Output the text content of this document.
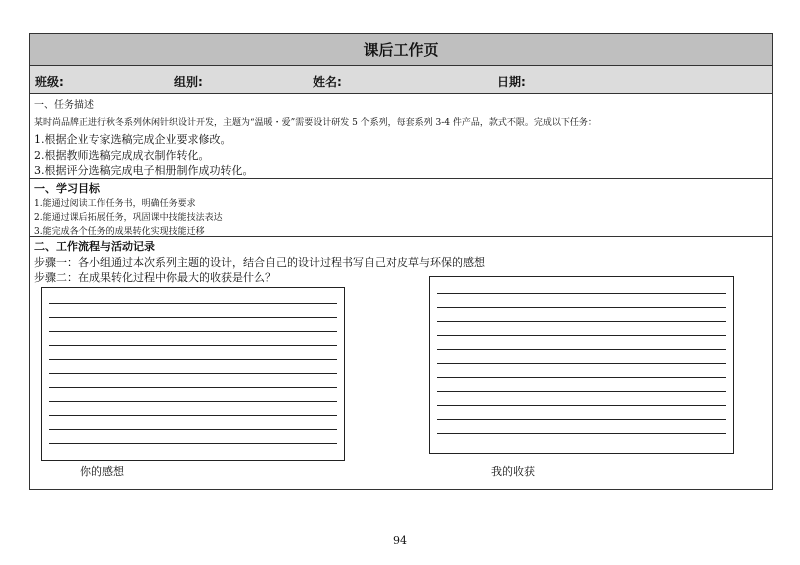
课后工作页
班级:	组别:	姓名:	日期:
一、任务描述
某时尚品牌正进行秋冬系列休闲针织设计开发，主题为“温暖・爱”需要设计研发 5 个系列，每套系列 3-4 件产品，款式不限。完成以下任务：
1.根据企业专家选稿完成企业要求修改。
2.根据教师选稿完成成衣制作转化。
3.根据评分选稿完成电子相册制作成功转化。
一、学习目标
1.能通过阅读工作任务书，明确任务要求
2.能通过课后拓展任务，巩固课中技能技法表达
3.能完成各个任务的成果转化实现技能迁移
二、工作流程与活动记录
步骤一：各小组通过本次系列主题的设计，结合自己的设计过程书写自己对皮草与环保的感想
步骤二：在成果转化过程中你最大的收获是什么？
你的感想	我的收获
94
